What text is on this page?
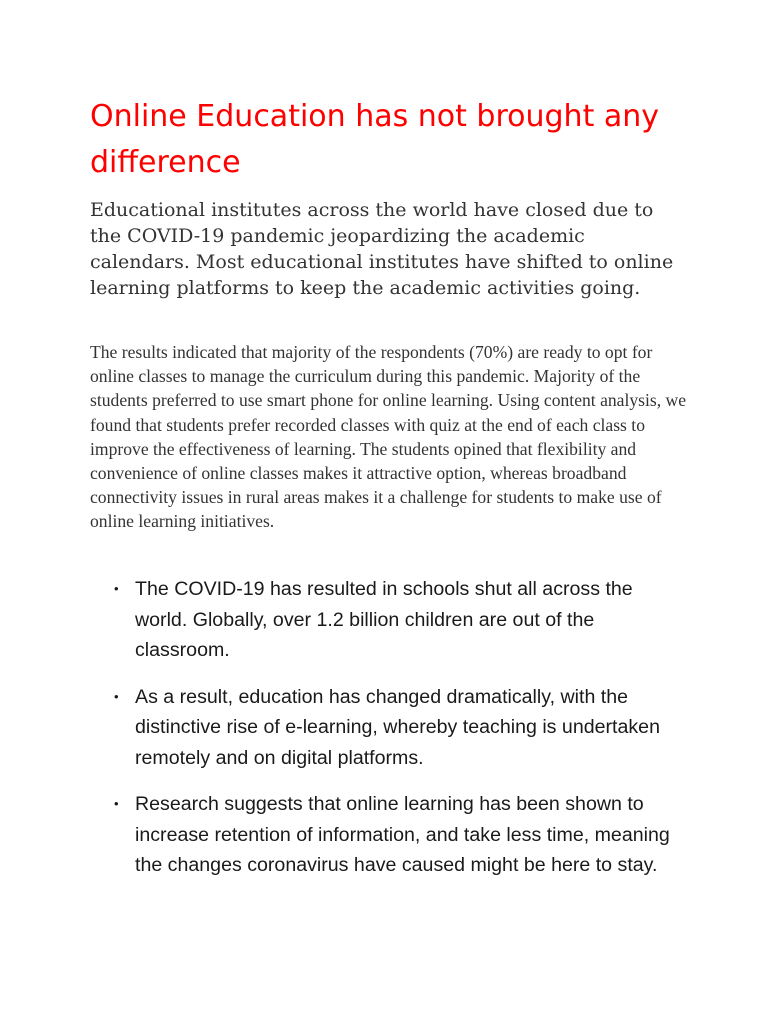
Online Education has not brought any difference

Educational institutes across the world have closed due to the COVID-19 pandemic jeopardizing the academic calendars. Most educational institutes have shifted to online learning platforms to keep the academic activities going.

The results indicated that majority of the respondents (70%) are ready to opt for online classes to manage the curriculum during this pandemic. Majority of the students preferred to use smart phone for online learning. Using content analysis, we found that students prefer recorded classes with quiz at the end of each class to improve the effectiveness of learning. The students opined that flexibility and convenience of online classes makes it attractive option, whereas broadband connectivity issues in rural areas makes it a challenge for students to make use of online learning initiatives.

• The COVID-19 has resulted in schools shut all across the world. Globally, over 1.2 billion children are out of the classroom.
• As a result, education has changed dramatically, with the distinctive rise of e-learning, whereby teaching is undertaken remotely and on digital platforms.
• Research suggests that online learning has been shown to increase retention of information, and take less time, meaning the changes coronavirus have caused might be here to stay.
